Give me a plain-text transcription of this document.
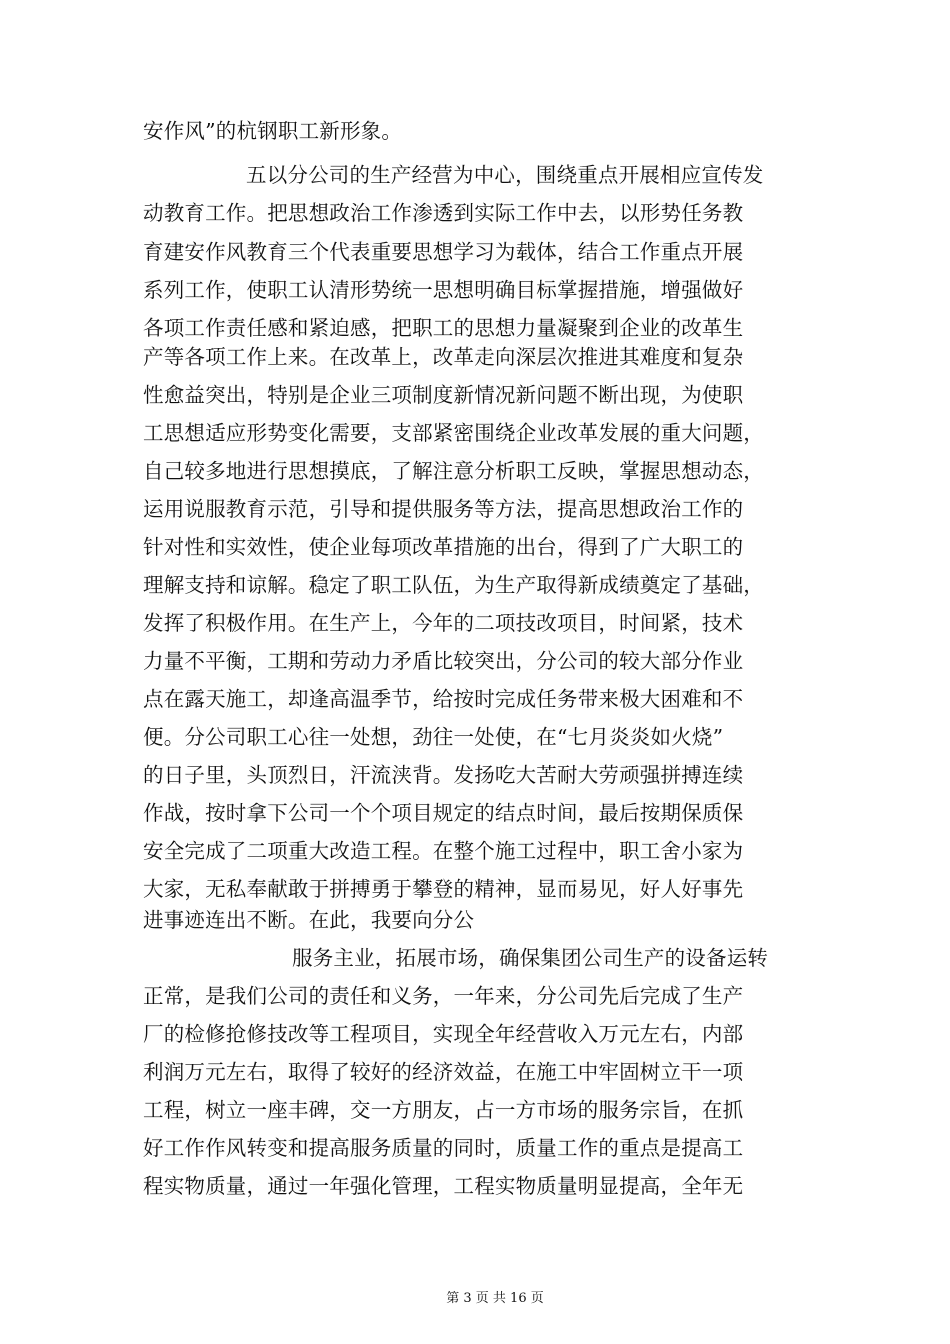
安作风”的杭钢职工新形象。
五以分公司的生产经营为中心，围绕重点开展相应宣传发
动教育工作。把思想政治工作渗透到实际工作中去，以形势任务教
育建安作风教育三个代表重要思想学习为载体，结合工作重点开展
系列工作，使职工认清形势统一思想明确目标掌握措施，增强做好
各项工作责任感和紧迫感，把职工的思想力量凝聚到企业的改革生
产等各项工作上来。在改革上，改革走向深层次推进其难度和复杂
性愈益突出，特别是企业三项制度新情况新问题不断出现，为使职
工思想适应形势变化需要，支部紧密围绕企业改革发展的重大问题，
自己较多地进行思想摸底，了解注意分析职工反映，掌握思想动态，
运用说服教育示范，引导和提供服务等方法，提高思想政治工作的
针对性和实效性，使企业每项改革措施的出台，得到了广大职工的
理解支持和谅解。稳定了职工队伍，为生产取得新成绩奠定了基础，
发挥了积极作用。在生产上，今年的二项技改项目，时间紧，技术
力量不平衡，工期和劳动力矛盾比较突出，分公司的较大部分作业
点在露天施工，却逢高温季节，给按时完成任务带来极大困难和不
便。分公司职工心往一处想，劲往一处使，在“七月炎炎如火烧”
的日子里，头顶烈日，汗流浃背。发扬吃大苦耐大劳顽强拼搏连续
作战，按时拿下公司一个个项目规定的结点时间，最后按期保质保
安全完成了二项重大改造工程。在整个施工过程中，职工舍小家为
大家，无私奉献敢于拼搏勇于攀登的精神，显而易见，好人好事先
进事迹连出不断。在此，我要向分公
服务主业，拓展市场，确保集团公司生产的设备运转
正常，是我们公司的责任和义务，一年来，分公司先后完成了生产
厂的检修抢修技改等工程项目，实现全年经营收入万元左右，内部
利润万元左右，取得了较好的经济效益，在施工中牢固树立干一项
工程，树立一座丰碑，交一方朋友，占一方市场的服务宗旨，在抓
好工作作风转变和提高服务质量的同时，质量工作的重点是提高工
程实物质量，通过一年强化管理，工程实物质量明显提高，全年无
第 3 页 共 16 页
